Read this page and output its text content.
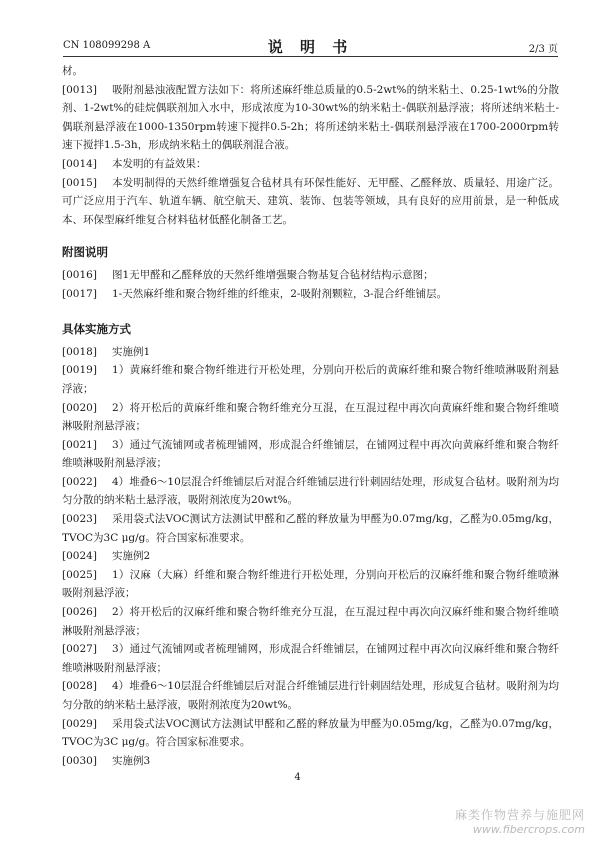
CN 108099298 A	说 明 书	2/3 页

材。

[0013] 吸附剂悬浊液配置方法如下：将所述麻纤维总质量的0.5-2wt%的纳米粘土、0.25-1wt%的分散剂、1-2wt%的硅烷偶联剂加入水中，形成浓度为10-30wt%的纳米粘土-偶联剂悬浮液；将所述纳米粘土-偶联剂悬浮液在1000-1350rpm转速下搅拌0.5-2h；将所述纳米粘土-偶联剂悬浮液在1700-2000rpm转速下搅拌1.5-3h，形成纳米粘土的偶联剂混合液。

[0014] 本发明的有益效果：

[0015] 本发明制得的天然纤维增强复合毡材具有环保性能好、无甲醛、乙醛释放、质量轻、用途广泛。可广泛应用于汽车、轨道车辆、航空航天、建筑、装饰、包装等领域，具有良好的应用前景，是一种低成本、环保型麻纤维复合材料毡材低醛化制备工艺。

附图说明

[0016] 图1无甲醛和乙醛释放的天然纤维增强聚合物基复合毡材结构示意图；

[0017] 1-天然麻纤维和聚合物纤维的纤维束，2-吸附剂颗粒，3-混合纤维铺层。

具体实施方式

[0018] 实施例1

[0019] 1）黄麻纤维和聚合物纤维进行开松处理，分别向开松后的黄麻纤维和聚合物纤维喷淋吸附剂悬浮液；

[0020] 2）将开松后的黄麻纤维和聚合物纤维充分互混，在互混过程中再次向黄麻纤维和聚合物纤维喷淋吸附剂悬浮液；

[0021] 3）通过气流铺网或者梳理铺网，形成混合纤维铺层，在铺网过程中再次向黄麻纤维和聚合物纤维喷淋吸附剂悬浮液；

[0022] 4）堆叠6～10层混合纤维铺层后对混合纤维铺层进行针刺固结处理，形成复合毡材。吸附剂为均匀分散的纳米粘土悬浮液，吸附剂浓度为20wt%。

[0023] 采用袋式法VOC测试方法测试甲醛和乙醛的释放量为甲醛为0.07mg/kg，乙醛为0.05mg/kg，TVOC为3C μg/g。符合国家标准要求。

[0024] 实施例2

[0025] 1）汉麻（大麻）纤维和聚合物纤维进行开松处理，分别向开松后的汉麻纤维和聚合物纤维喷淋吸附剂悬浮液；

[0026] 2）将开松后的汉麻纤维和聚合物纤维充分互混，在互混过程中再次向汉麻纤维和聚合物纤维喷淋吸附剂悬浮液；

[0027] 3）通过气流铺网或者梳理铺网，形成混合纤维铺层，在铺网过程中再次向汉麻纤维和聚合物纤维喷淋吸附剂悬浮液；

[0028] 4）堆叠6～10层混合纤维铺层后对混合纤维铺层进行针刺固结处理，形成复合毡材。吸附剂为均匀分散的纳米粘土悬浮液，吸附剂浓度为20wt%。

[0029] 采用袋式法VOC测试方法测试甲醛和乙醛的释放量为甲醛为0.05mg/kg，乙醛为0.07mg/kg，TVOC为3C μg/g。符合国家标准要求。

[0030] 实施例3

4
麻类作物营养与施肥网
www.fibercrops.com
